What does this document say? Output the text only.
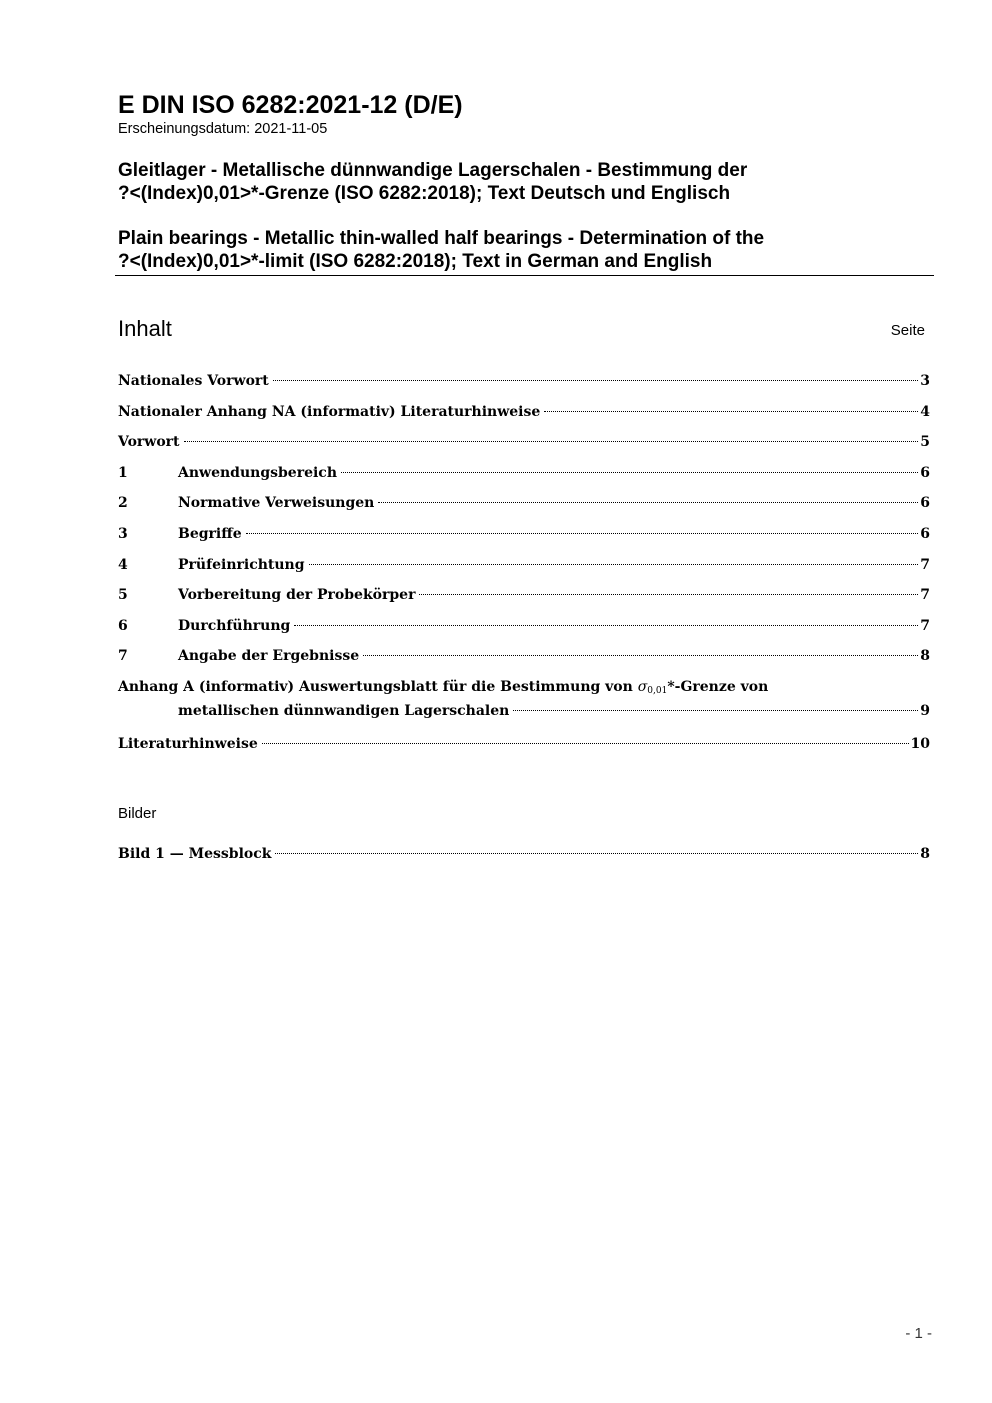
E DIN ISO 6282:2021-12 (D/E)
Erscheinungsdatum: 2021-11-05
Gleitlager - Metallische dünnwandige Lagerschalen - Bestimmung der
?<(Index)0,01>*-Grenze (ISO 6282:2018); Text Deutsch und Englisch
Plain bearings - Metallic thin-walled half bearings - Determination of the
?<(Index)0,01>*-limit (ISO 6282:2018); Text in German and English
Inhalt	Seite
Nationales Vorwort	3
Nationaler Anhang NA (informativ) Literaturhinweise	4
Vorwort	5
1	Anwendungsbereich	6
2	Normative Verweisungen	6
3	Begriffe	6
4	Prüfeinrichtung	7
5	Vorbereitung der Probekörper	7
6	Durchführung	7
7	Angabe der Ergebnisse	8
Anhang A (informativ) Auswertungsblatt für die Bestimmung von $\sigma_{0,01}*$-Grenze von
metallischen dünnwandigen Lagerschalen	9
Literaturhinweise	10
Bilder
Bild 1 — Messblock	8
- 1 -
